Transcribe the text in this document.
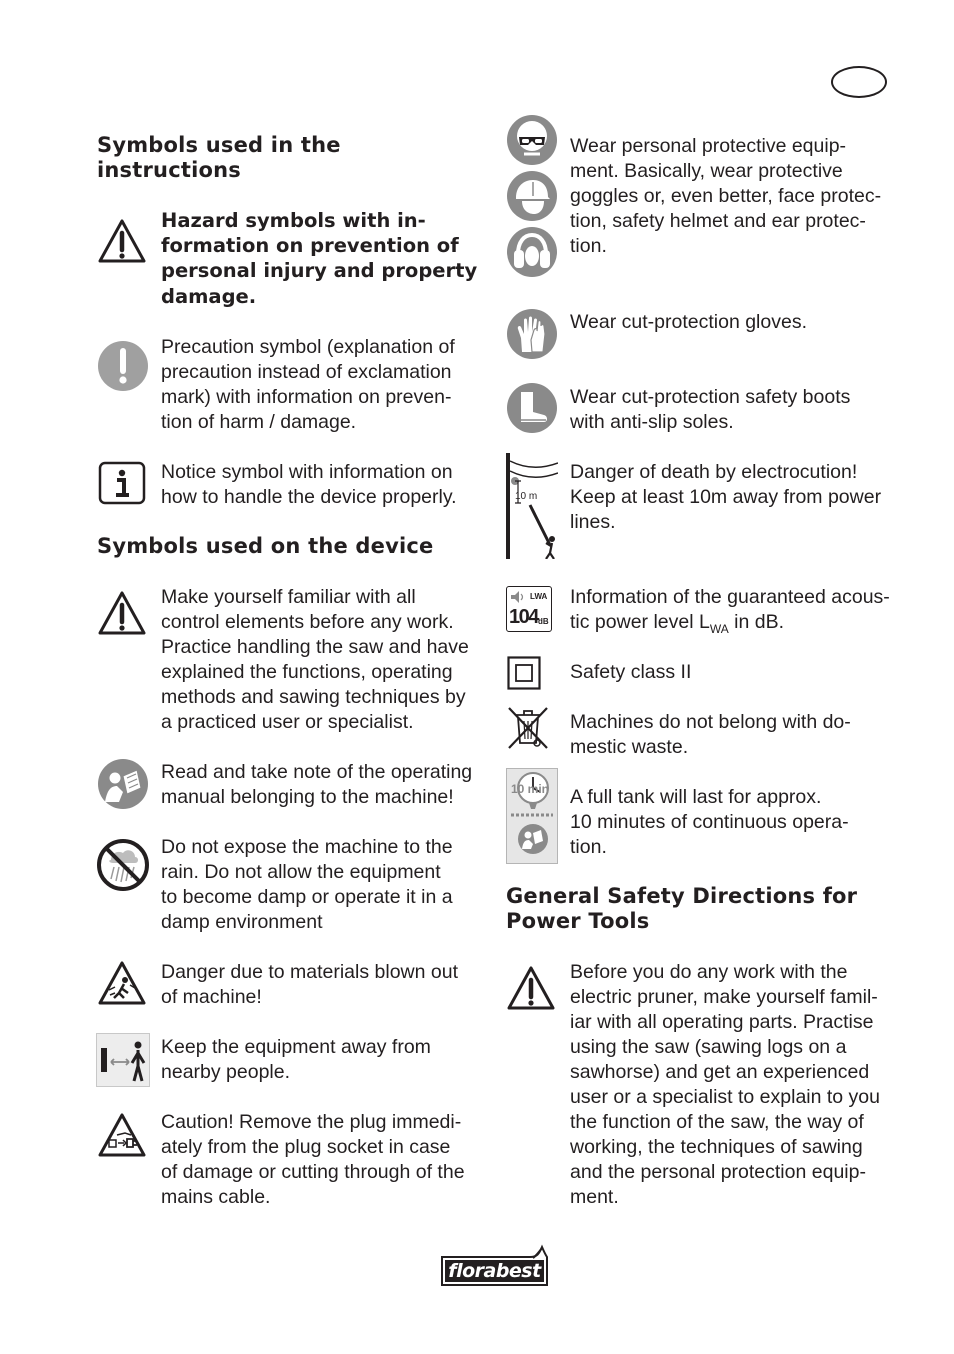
Symbols used in the
instructions

Hazard symbols with in-
formation on prevention of
personal injury and property
damage.

Precaution symbol (explanation of
precaution instead of exclamation
mark) with information on preven-
tion of harm / damage.

Notice symbol with information on
how to handle the device properly.

Symbols used on the device

Make yourself familiar with all
control elements before any work.
Practice handling the saw and have
explained the functions, operating
methods and sawing techniques by
a practiced user or specialist.

Read and take note of the operating
manual belonging to the machine!

Do not expose the machine to the
rain. Do not allow the equipment
to become damp or operate it in a
damp environment

Danger due to materials blown out
of machine!

Keep the equipment away from
nearby people.

Caution! Remove the plug immedi-
ately from the plug socket in case
of damage or cutting through of the
mains cable.

Wear personal protective equip-
ment. Basically, wear protective
goggles or, even better, face protec-
tion, safety helmet and ear protec-
tion.

Wear cut-protection gloves.

Wear cut-protection safety boots
with anti-slip soles.

10 m

Danger of death by electrocution!
Keep at least 10m away from power
lines.

LWA
104 dB

Information of the guaranteed acous-
tic power level $L_{WA}$ in dB.

Safety class II

Machines do not belong with do-
mestic waste.

10 min A full tank will last for approx.
10 minutes of continuous opera-
tion.

General Safety Directions for
Power Tools

Before you do any work with the
electric pruner, make yourself famil-
iar with all operating parts. Practise
using the saw (sawing logs on a
sawhorse) and get an experienced
user or a specialist to explain to you
the function of the saw, the way of
working, the techniques of sawing
and the personal protection equip-
ment.

florabest
